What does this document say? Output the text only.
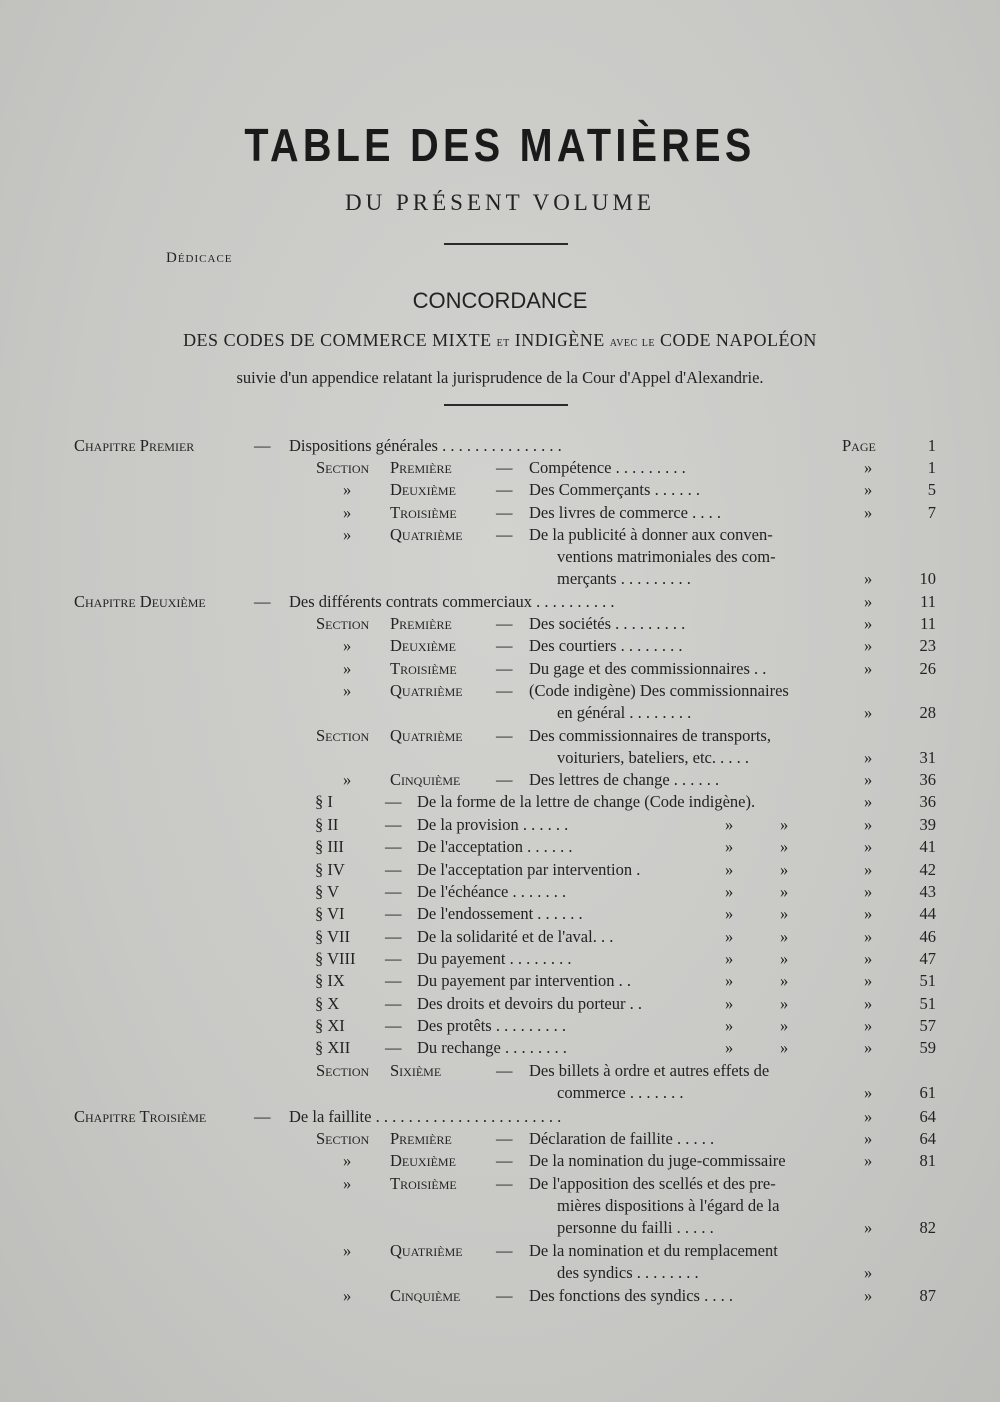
TABLE DES MATIÈRES
DU PRÉSENT VOLUME
Dédicace
CONCORDANCE
DES CODES DE COMMERCE MIXTE et INDIGÈNE avec le CODE NAPOLÉON
suivie d'un appendice relatant la jurisprudence de la Cour d'Appel d'Alexandrie.
Chapitre Premier	— Dispositions générales . . . . . . . . . . . . . . .	Page	1
Section Première	— Compétence . . . . . . . . .	»	1
» Deuxième — Des Commerçants . . . . . .	»	5
» Troisième — Des livres de commerce . . . .	»	7
» Quatrième — De la publicité à donner aux conven-
ventions matrimoniales des com-
merçants . . . . . . . . .	»	10
Chapitre Deuxième	— Des différents contrats commerciaux . . . . . . . . . .	»	11
Section Première	— Des sociétés . . . . . . . . .	»	11
» Deuxième — Des courtiers . . . . . . . .	»	23
» Troisième — Du gage et des commissionnaires . .	»	26
» Quatrième — (Code indigène) Des commissionnaires
en général . . . . . . . .	»	28
Section Quatrième — Des commissionnaires de transports,
voituriers, bateliers, etc. . . . .	»	31
» Cinquième — Des lettres de change . . . . . .	»	36
§ I	— De la forme de la lettre de change (Code indigène).	»	36
§ II	— De la provision . . . . . .	»	»	»	39
§ III — De l'acceptation . . . . . .	»	»	»	41
§ IV — De l'acceptation par intervention .	»	»	»	42
§ V	— De l'échéance . . . . . . .	»	»	»	43
§ VI — De l'endossement . . . . . .	»	»	»	44
§ VII — De la solidarité et de l'aval. . .	»	»	»	46
§ VIII — Du payement . . . . . . . .	»	»	»	47
§ IX — Du payement par intervention . .	»	»	»	51
§ X	— Des droits et devoirs du porteur . .	»	»	»	51
§ XI — Des protêts . . . . . . . . .	»	»	»	57
§ XII — Du rechange . . . . . . . .	»	»	»	59
Section Sixième	— Des billets à ordre et autres effets de
commerce . . . . . . .	»	61
Chapitre Troisième	— De la faillite . . . . . . . . . . . . . . . . . . . . . . .	»	64
Section Première	— Déclaration de faillite . . . . .	»	64
» Deuxième — De la nomination du juge-commissaire	»	81
» Troisième — De l'apposition des scellés et des pre-
mières dispositions à l'égard de la
personne du failli . . . . .	»	82
» Quatrième — De la nomination et du remplacement
des syndics . . . . . . . .	»
» Cinquième — Des fonctions des syndics . . . .	»	87
